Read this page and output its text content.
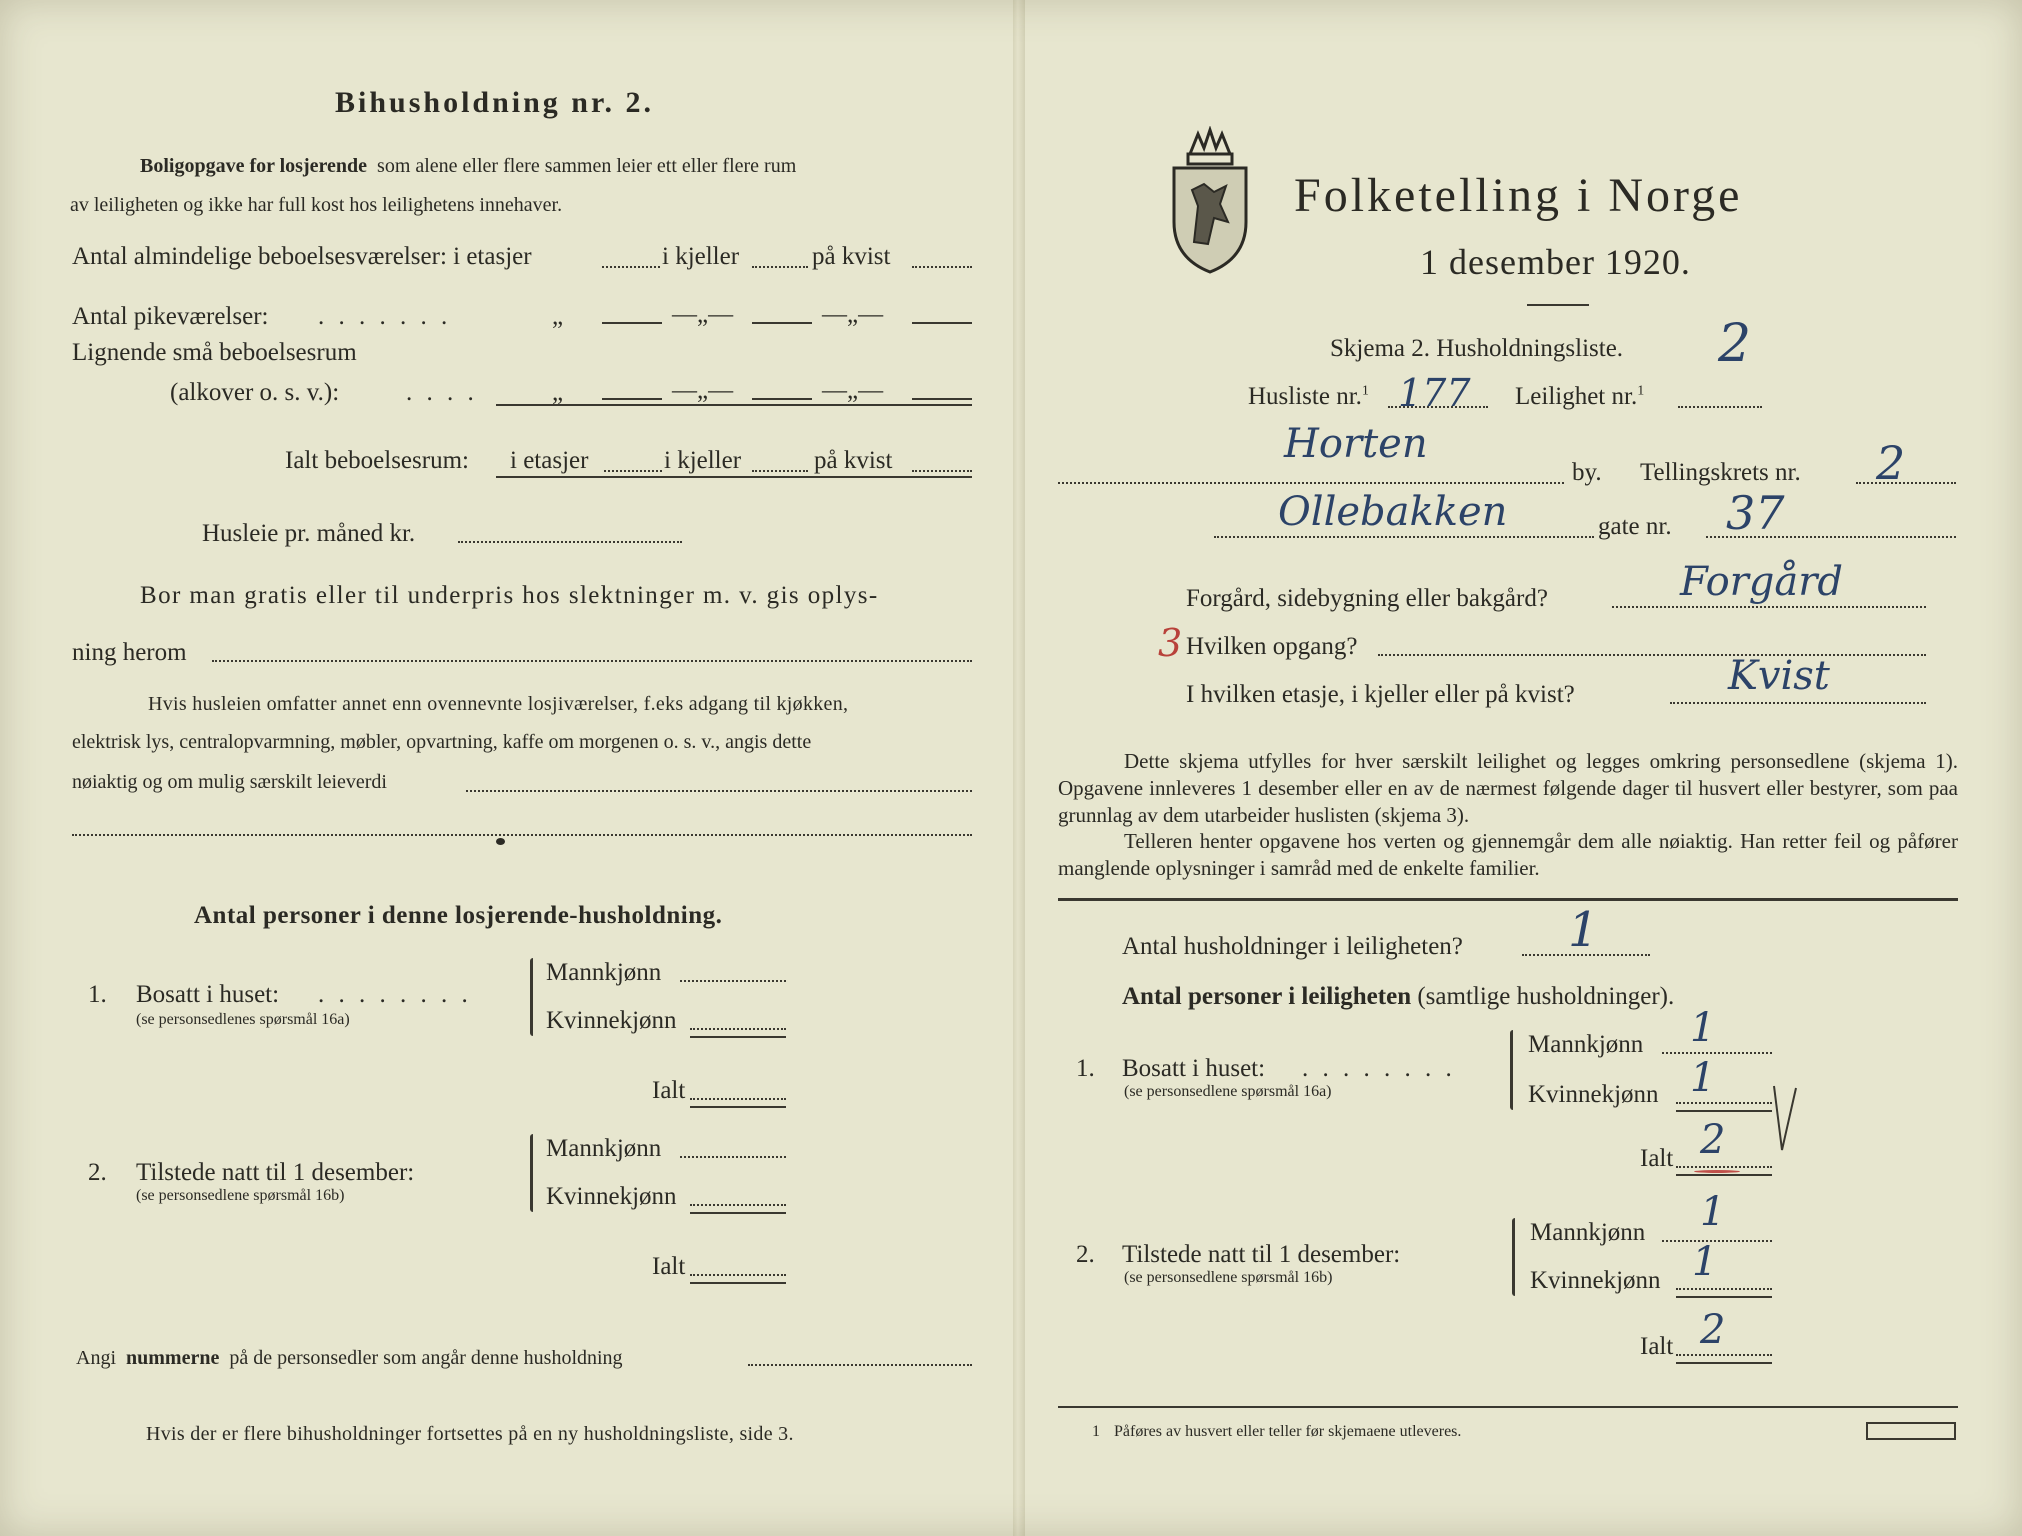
Bihusholdning nr. 2.
Boligopgave for losjerende som alene eller flere sammen leier ett eller flere rum
av leiligheten og ikke har full kost hos leilighetens innehaver.
Antal almindelige beboelsesværelser: i etasjer	i kjeller	på kvist
Antal pikeværelser: . . . . . . .	„	—„—	—„—
Lignende små beboelsesrum
(alkover o. s. v.):	. . . .	„	—„—	—„—
Ialt beboelsesrum: i etasjer	i kjeller	på kvist
Husleie pr. måned kr.
Bor man gratis eller til underpris hos slektninger m. v. gis oplys-
ning herom
Hvis husleien omfatter annet enn ovennevnte losjiværelser, f.eks adgang til kjøkken,
elektrisk lys, centralopvarmning, møbler, opvartning, kaffe om morgenen o. s. v., angis dette
nøiaktig og om mulig særskilt leieverdi
Antal personer i denne losjerende-husholdning.
1. Bosatt i huset: . . . . . . . .
(se personsedlenes spørsmål 16a)
Mannkjønn
Kvinnekjønn
Ialt
2. Tilstede natt til 1 desember:
(se personsedlene spørsmål 16b)
Mannkjønn
Kvinnekjønn
Ialt
Angi nummerne på de personsedler som angår denne husholdning
Hvis der er flere bihusholdninger fortsettes på en ny husholdningsliste, side 3.
Folketelling i Norge
1 desember 1920.
Skjema 2. Husholdningsliste. 2
Husliste nr.$^1$ 177 Leilighet nr.$^1$
Horten
by. Tellingskrets nr. 2
Ollebakken	gate nr. 37
Forgård, sidebygning eller bakgård?	Forgård
3 Hvilken opgang?
I hvilken etasje, i kjeller eller på kvist?	Kvist
Dette skjema utfylles for hver særskilt leilighet og legges omkring personsedlene (skjema 1). Opgavene innleveres 1 desember eller en av de nærmest følgende dager til husvert eller bestyrer, som paa grunnlag av dem utarbeider huslisten (skjema 3).
Telleren henter opgavene hos verten og gjennemgår dem alle nøiaktig. Han retter feil og påfører manglende oplysninger i samråd med de enkelte familier.
Antal husholdninger i leiligheten? 1
Antal personer i leiligheten (samtlige husholdninger).
1. Bosatt i huset: . . . . . . . .
(se personsedlene spørsmål 16a)
Mannkjønn 1
Kvinnekjønn 1
Ialt 2
2. Tilstede natt til 1 desember:
(se personsedlene spørsmål 16b)
Mannkjønn 1
Kvinnekjønn 1
Ialt 2
1 Påføres av husvert eller teller før skjemaene utleveres.
